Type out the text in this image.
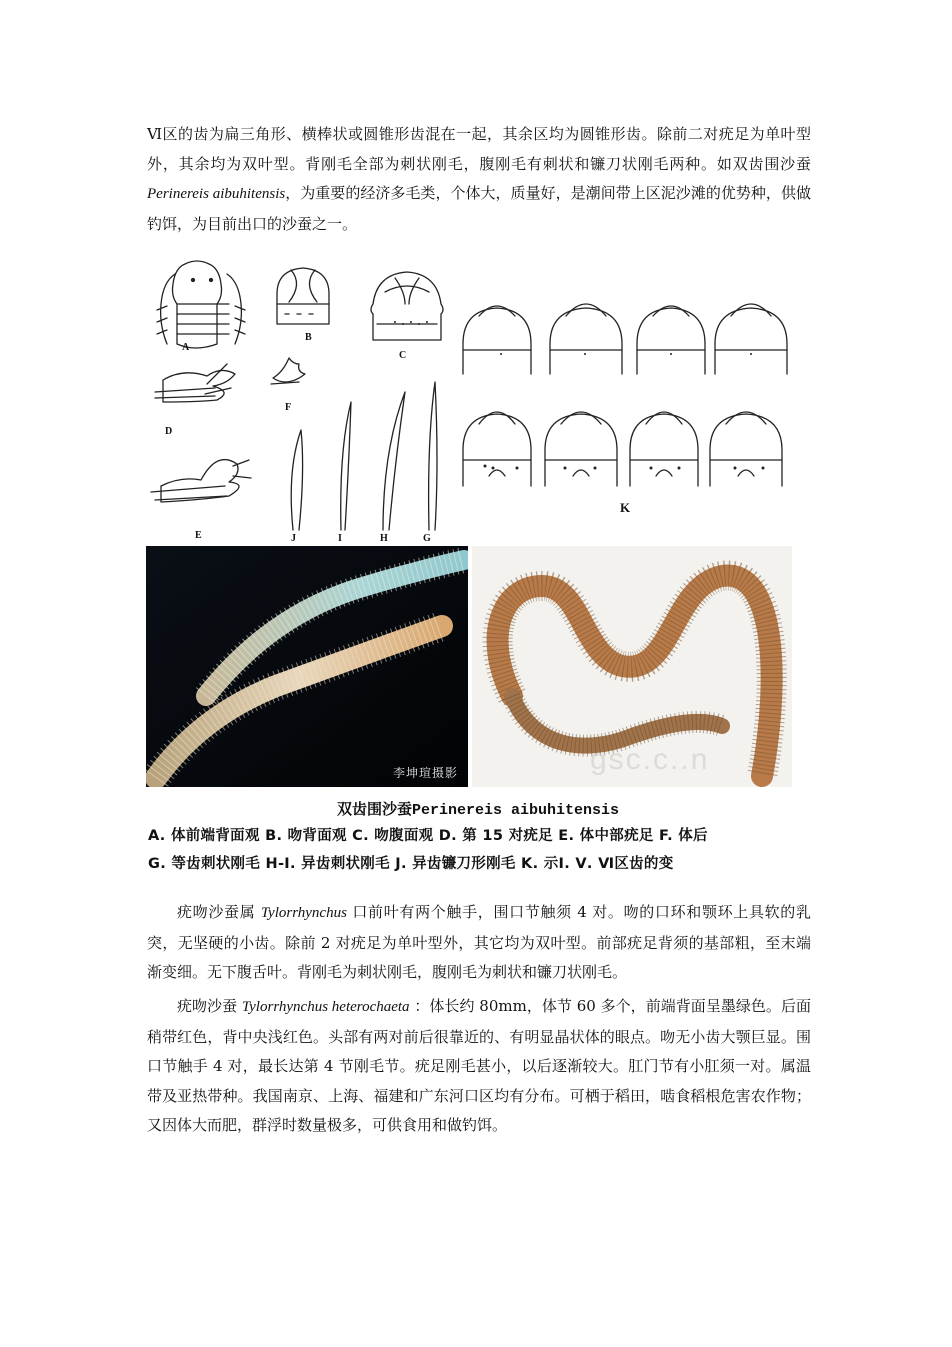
Ⅵ区的齿为扁三角形、横棒状或圆锥形齿混在一起，其余区均为圆锥形齿。除前二对疣足为单叶型外，其余均为双叶型。背刚毛全部为刺状刚毛，腹刚毛有刺状和镰刀状刚毛两种。如双齿围沙蚕 Perinereis aibuhitensis，为重要的经济多毛类，个体大，质量好，是潮间带上区泥沙滩的优势种，供做钓饵，为目前出口的沙蚕之一。

A
B
C
D
F
E	J	I	H	G
K
李坤瑄摄影	gsc.c..n
双齿围沙蚕Perinereis aibuhitensis
A. 体前端背面观 B. 吻背面观 C. 吻腹面观 D. 第 15 对疣足 E. 体中部疣足 F. 体后
G. 等齿刺状刚毛 H-I. 异齿刺状刚毛 J. 异齿镰刀形刚毛 K. 示Ⅰ. Ⅴ. Ⅵ区齿的变

疣吻沙蚕属 Tylorrhynchus 口前叶有两个触手，围口节触须 4 对。吻的口环和颚环上具软的乳突，无坚硬的小齿。除前 2 对疣足为单叶型外，其它均为双叶型。前部疣足背须的基部粗，至末端渐变细。无下腹舌叶。背刚毛为刺状刚毛，腹刚毛为刺状和镰刀状刚毛。

疣吻沙蚕 Tylorrhynchus heterochaeta ：体长约 80mm，体节 60 多个，前端背面呈墨绿色。后面稍带红色，背中央浅红色。头部有两对前后很靠近的、有明显晶状体的眼点。吻无小齿大颚巨显。围口节触手 4 对，最长达第 4 节刚毛节。疣足刚毛甚小，以后逐渐较大。肛门节有小肛须一对。属温带及亚热带种。我国南京、上海、福建和广东河口区均有分布。可栖于稻田，啮食稻根危害农作物；又因体大而肥，群浮时数量极多，可供食用和做钓饵。
